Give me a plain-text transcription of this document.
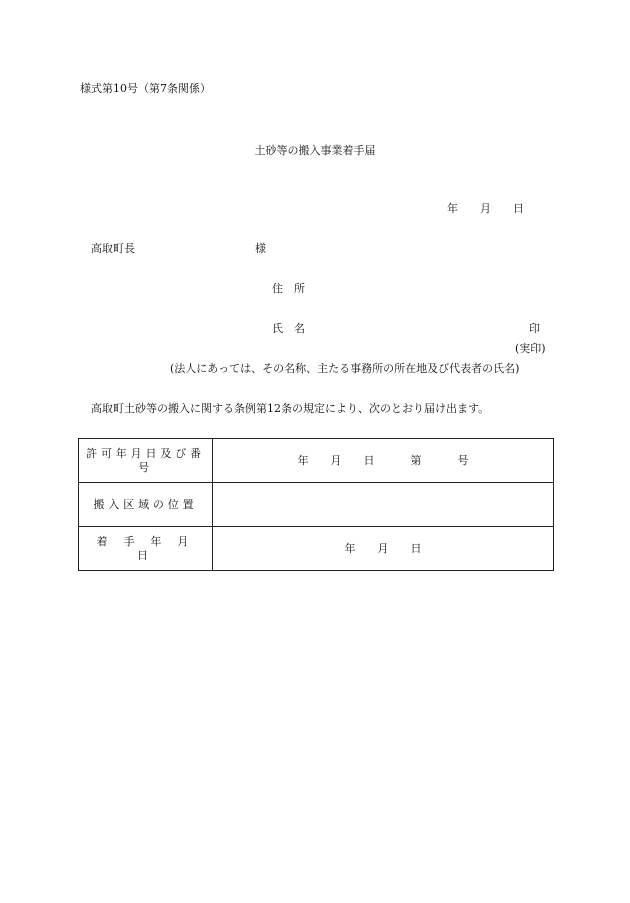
様式第10号（第7条関係）
土砂等の搬入事業着手届
年 月 日
高取町長	様
住所
氏名	印
(実印)
(法人にあっては、その名称、主たる事務所の所在地及び代表者の氏名)
高取町土砂等の搬入に関する条例第12条の規定により、次のとおり届け出ます。
許可年月日及び番号	年 月 日 第 号
搬入区域の位置	
着手年月日	年 月 日
